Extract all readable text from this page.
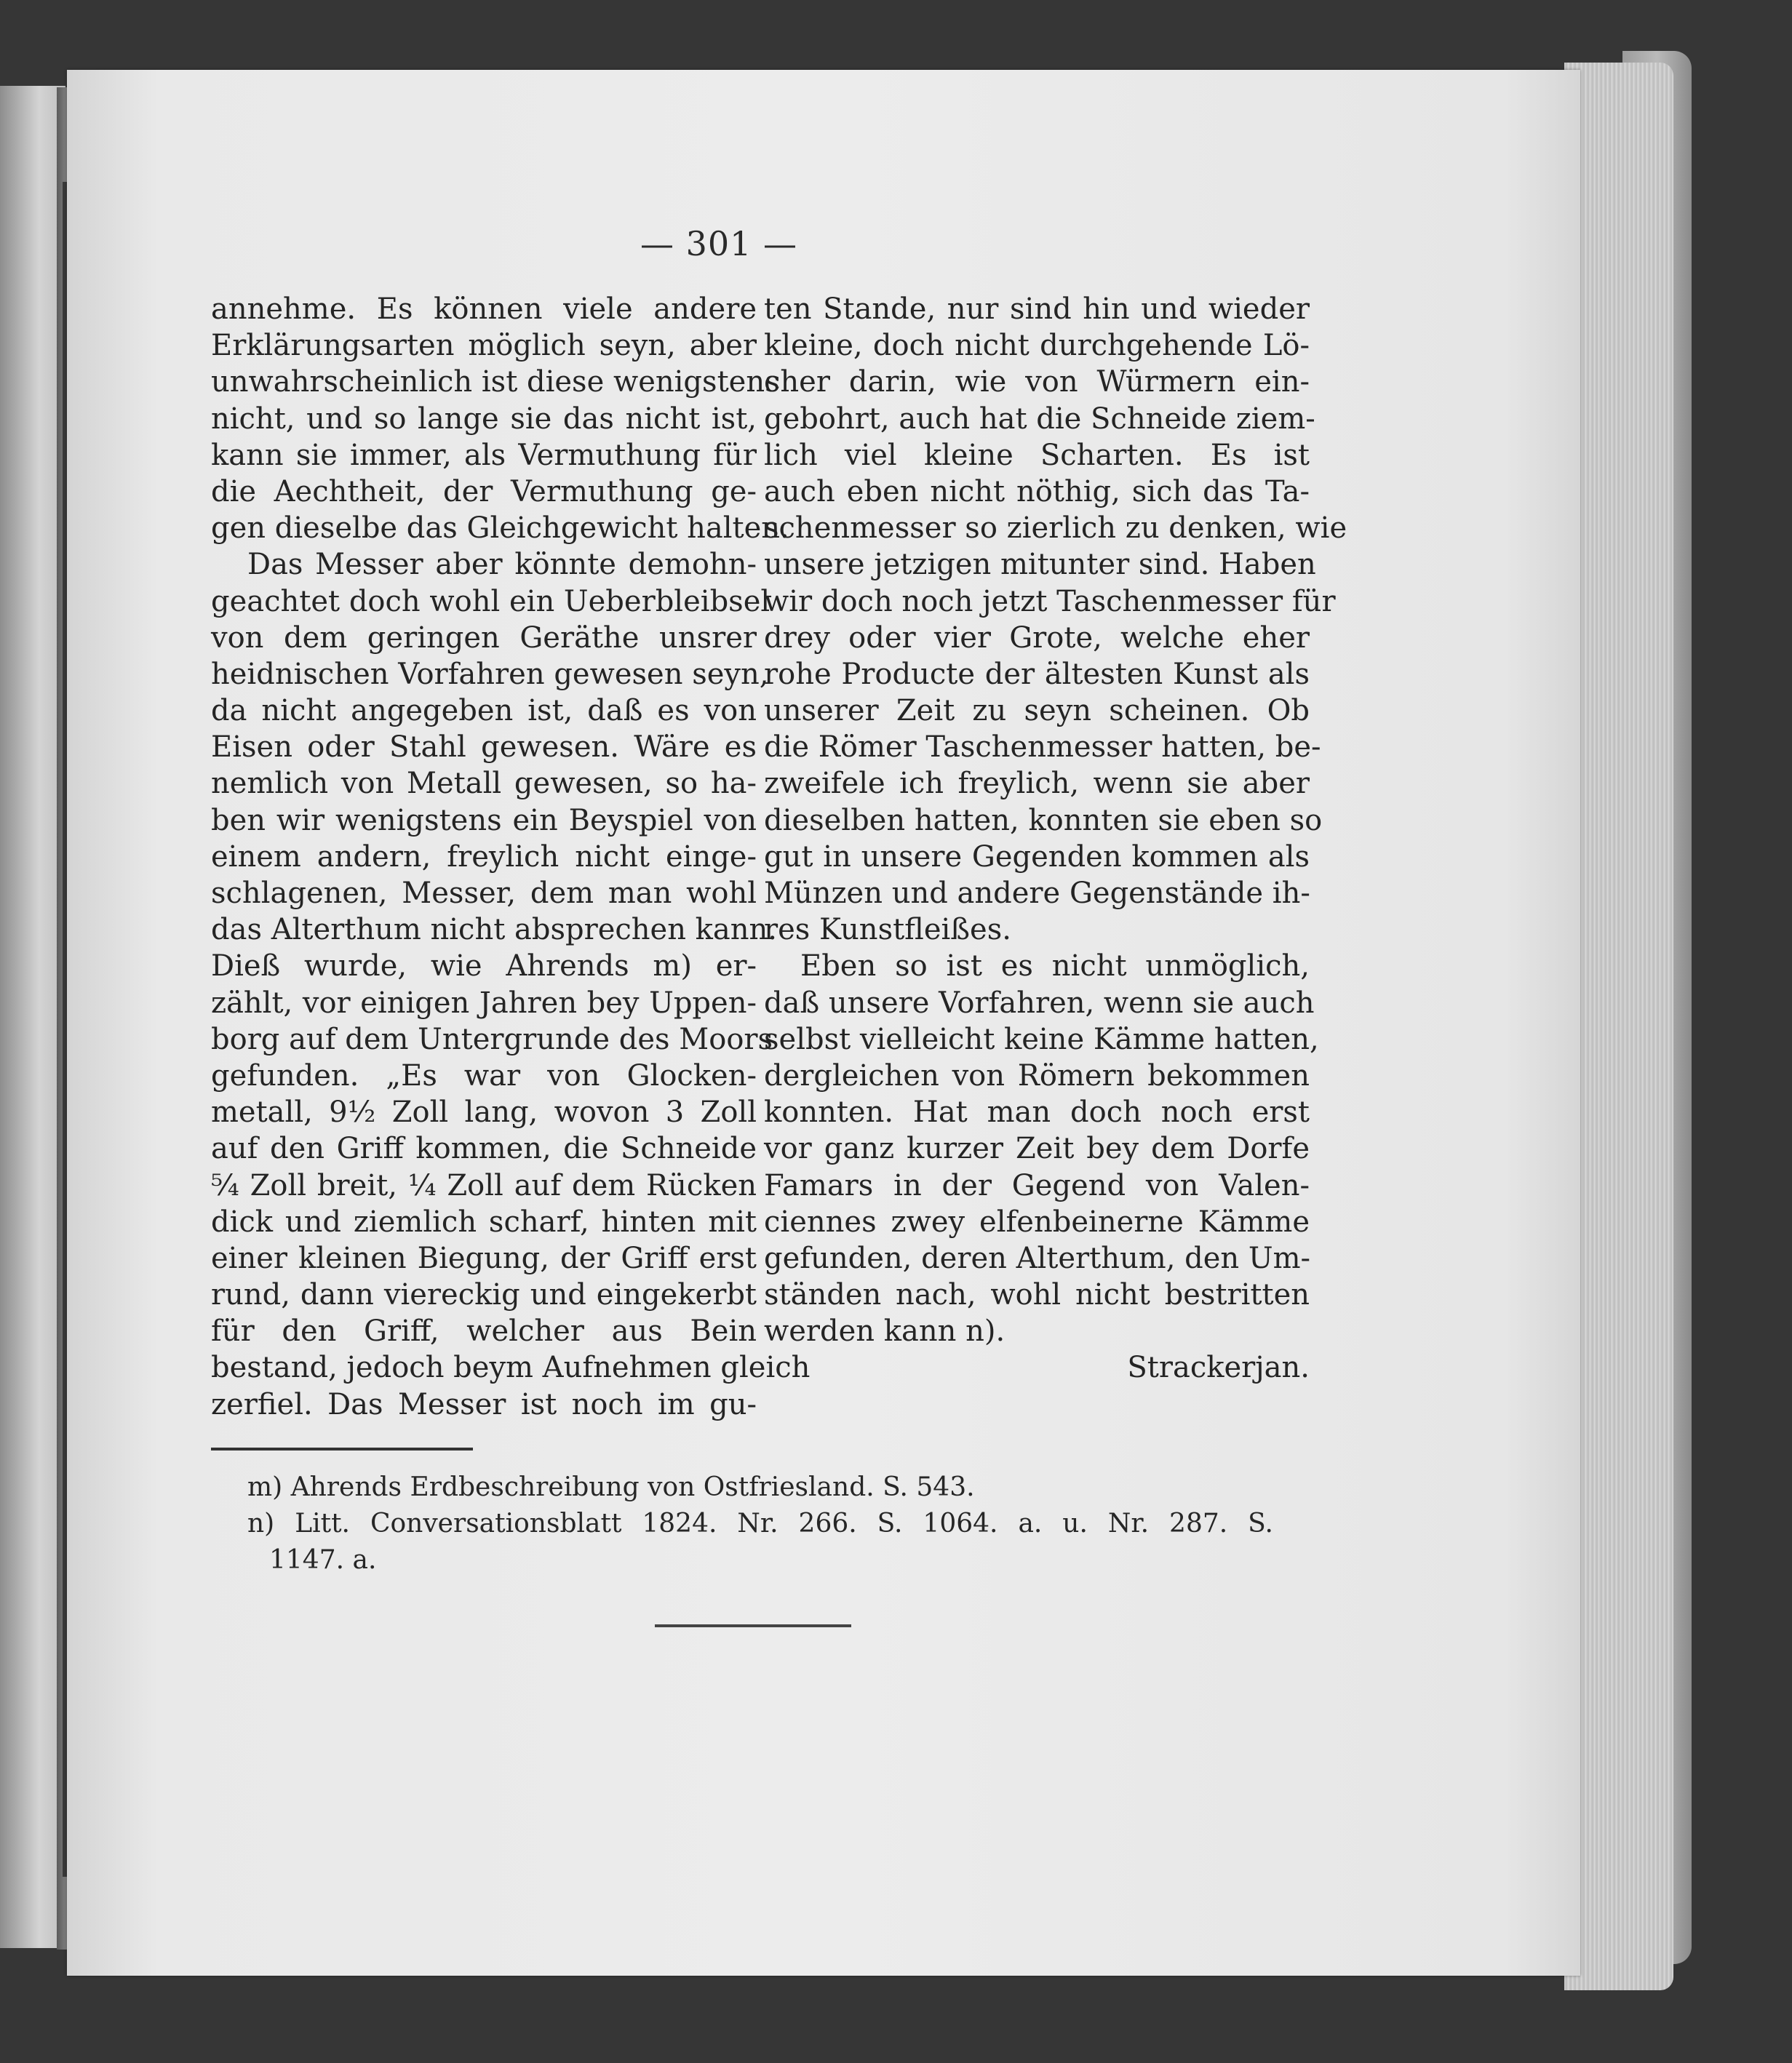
— 301 —
annehme. Es können viele andere
Erklärungsarten möglich seyn, aber
unwahrscheinlich ist diese wenigstens
nicht, und so lange sie das nicht ist,
kann sie immer, als Vermuthung für
die Aechtheit, der Vermuthung ge-
gen dieselbe das Gleichgewicht halten.
Das Messer aber könnte demohn-
geachtet doch wohl ein Ueberbleibsel
von dem geringen Geräthe unsrer
heidnischen Vorfahren gewesen seyn,
da nicht angegeben ist, daß es von
Eisen oder Stahl gewesen. Wäre es
nemlich von Metall gewesen, so ha-
ben wir wenigstens ein Beyspiel von
einem andern, freylich nicht einge-
schlagenen, Messer, dem man wohl
das Alterthum nicht absprechen kann.
Dieß wurde, wie Ahrends m) er-
zählt, vor einigen Jahren bey Uppen-
borg auf dem Untergrunde des Moors
gefunden. „Es war von Glocken-
metall, 9½ Zoll lang, wovon 3 Zoll
auf den Griff kommen, die Schneide
⁵⁄₄ Zoll breit, ¼ Zoll auf dem Rücken
dick und ziemlich scharf, hinten mit
einer kleinen Biegung, der Griff erst
rund, dann viereckig und eingekerbt
für den Griff, welcher aus Bein
bestand, jedoch beym Aufnehmen gleich
zerfiel. Das Messer ist noch im gu-
ten Stande, nur sind hin und wieder
kleine, doch nicht durchgehende Lö-
cher darin, wie von Würmern ein-
gebohrt, auch hat die Schneide ziem-
lich viel kleine Scharten. Es ist
auch eben nicht nöthig, sich das Ta-
schenmesser so zierlich zu denken, wie
unsere jetzigen mitunter sind. Haben
wir doch noch jetzt Taschenmesser für
drey oder vier Grote, welche eher
rohe Producte der ältesten Kunst als
unserer Zeit zu seyn scheinen. Ob
die Römer Taschenmesser hatten, be-
zweifele ich freylich, wenn sie aber
dieselben hatten, konnten sie eben so
gut in unsere Gegenden kommen als
Münzen und andere Gegenstände ih-
res Kunstfleißes.
Eben so ist es nicht unmöglich,
daß unsere Vorfahren, wenn sie auch
selbst vielleicht keine Kämme hatten,
dergleichen von Römern bekommen
konnten. Hat man doch noch erst
vor ganz kurzer Zeit bey dem Dorfe
Famars in der Gegend von Valen-
ciennes zwey elfenbeinerne Kämme
gefunden, deren Alterthum, den Um-
ständen nach, wohl nicht bestritten
werden kann n).
Strackerjan.
m) Ahrends Erdbeschreibung von Ostfriesland. S. 543.
n) Litt. Conversationsblatt 1824. Nr. 266. S. 1064. a. u. Nr. 287. S.
1147. a.
